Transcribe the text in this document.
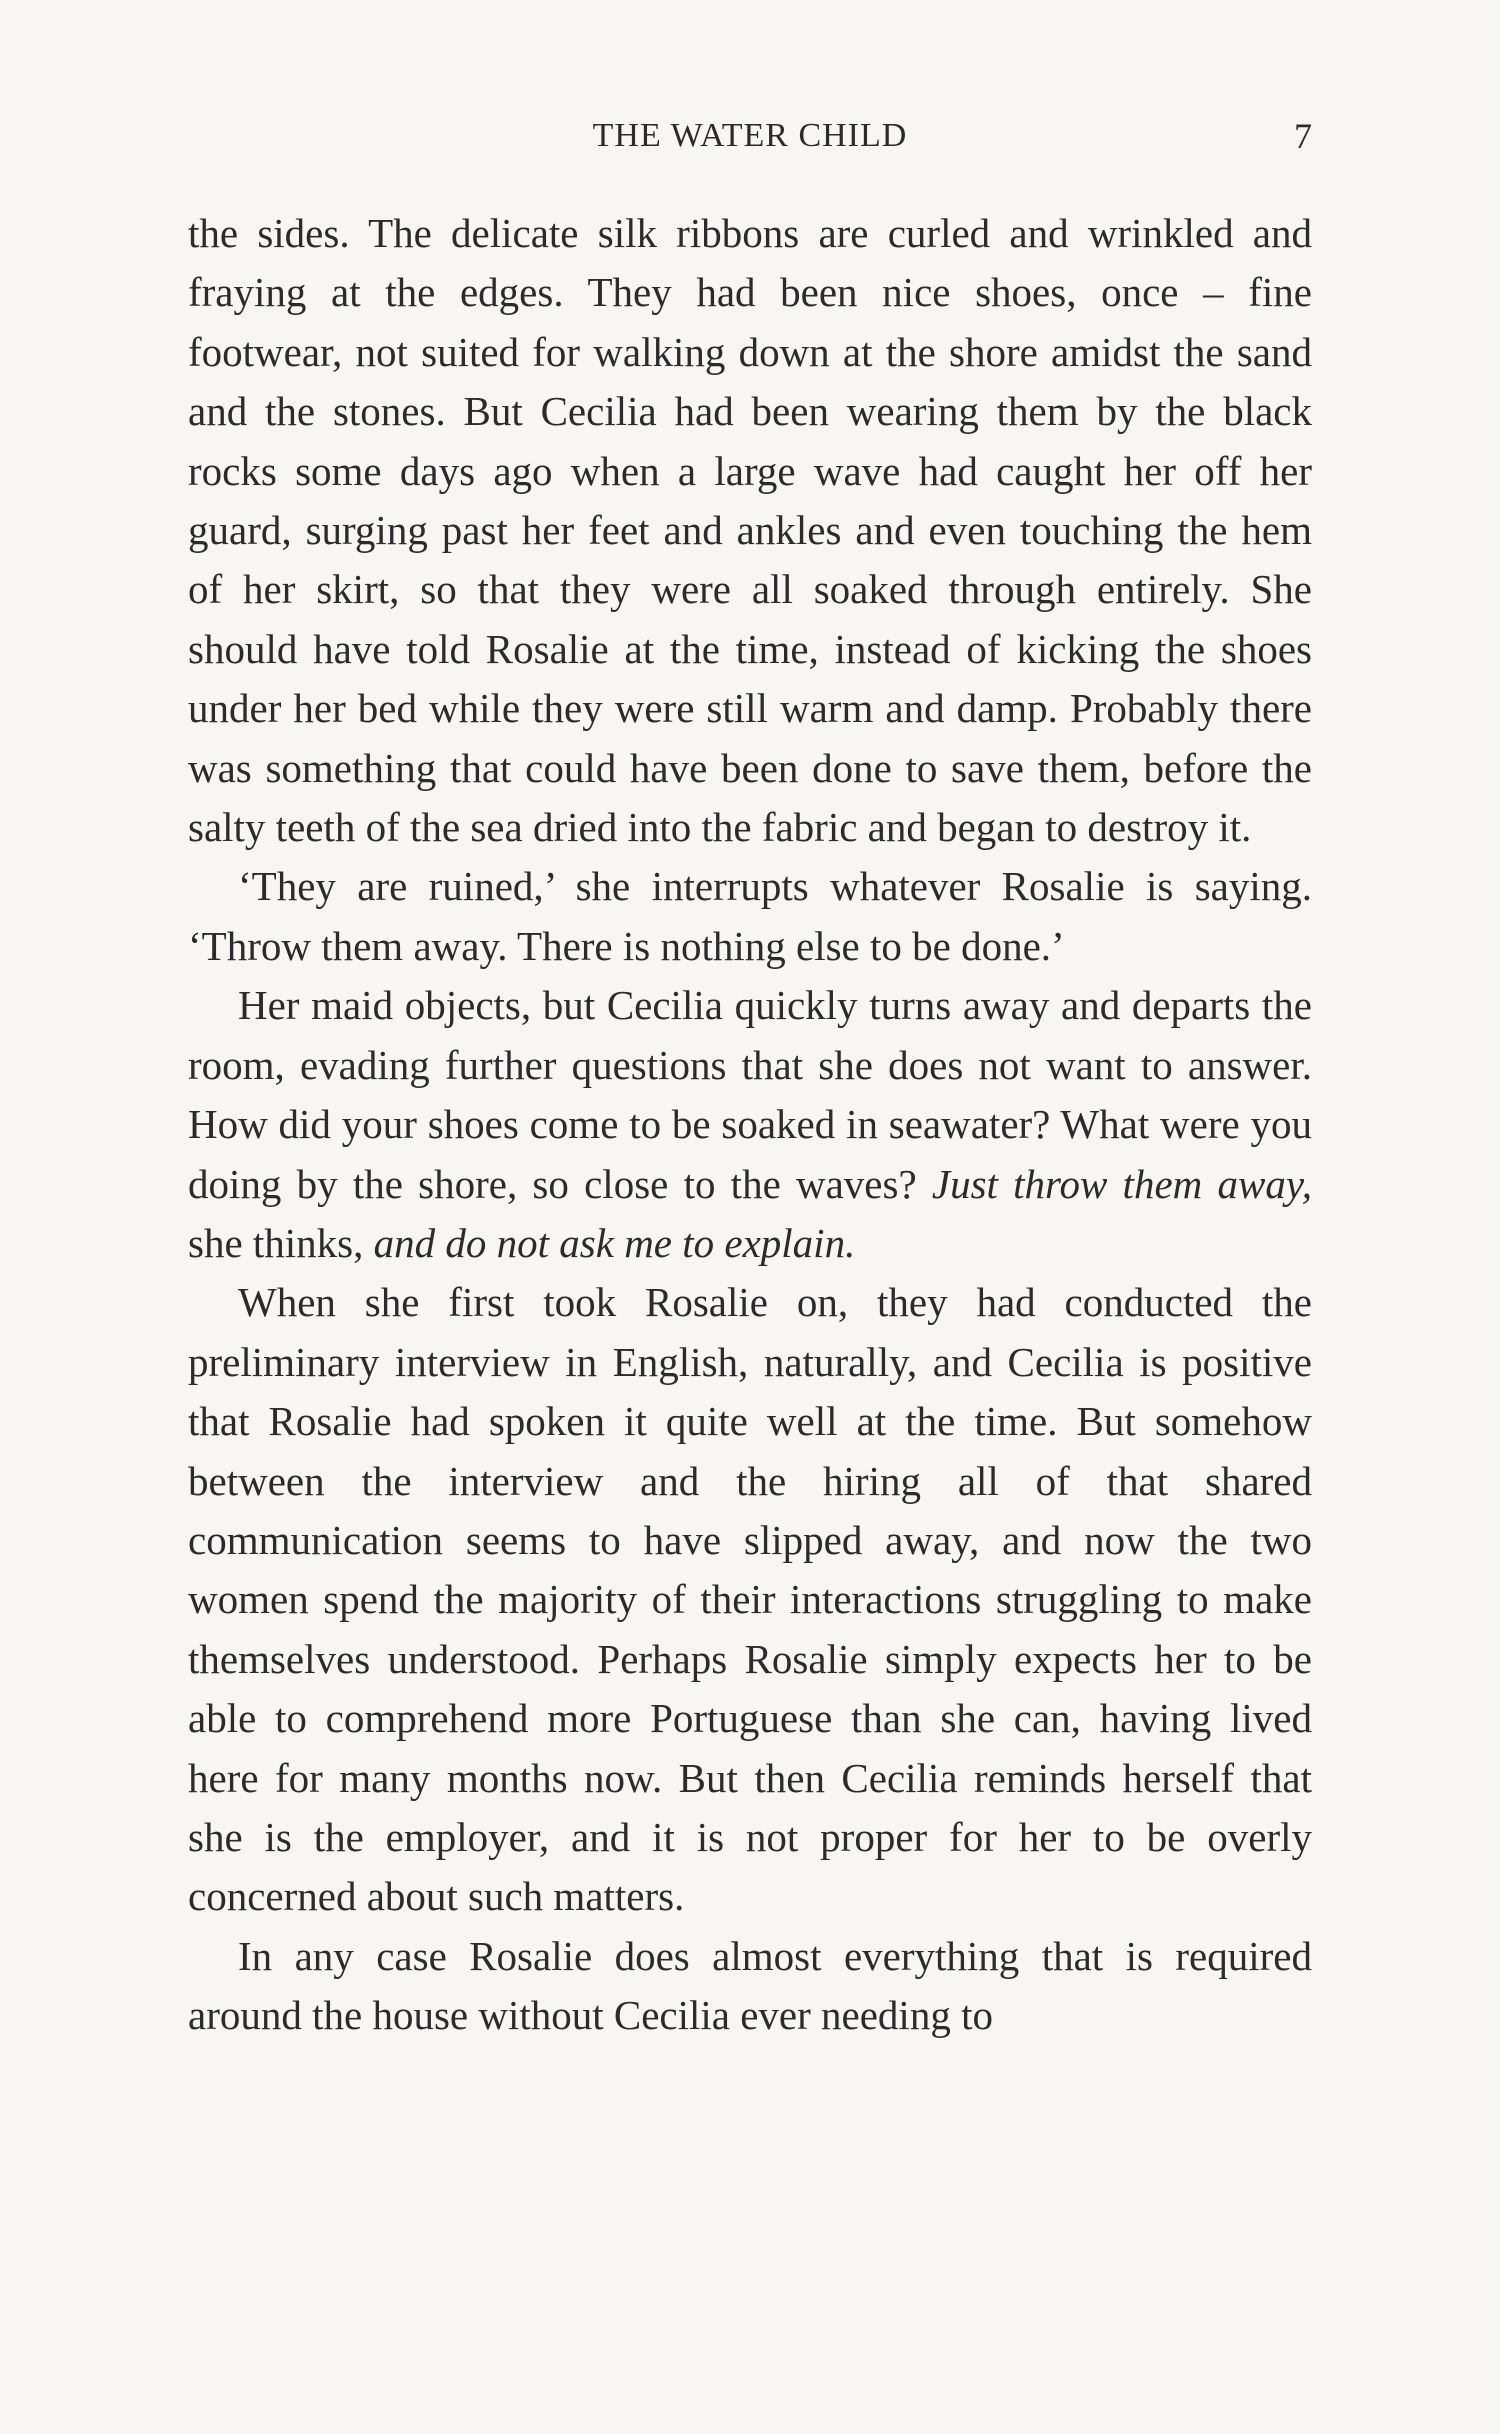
THE WATER CHILD	7

the sides. The delicate silk ribbons are curled and wrinkled and fraying at the edges. They had been nice shoes, once – fine footwear, not suited for walking down at the shore amidst the sand and the stones. But Cecilia had been wearing them by the black rocks some days ago when a large wave had caught her off her guard, surging past her feet and ankles and even touching the hem of her skirt, so that they were all soaked through entirely. She should have told Rosalie at the time, instead of kicking the shoes under her bed while they were still warm and damp. Probably there was something that could have been done to save them, before the salty teeth of the sea dried into the fabric and began to destroy it.

‘They are ruined,’ she interrupts whatever Rosalie is saying. ‘Throw them away. There is nothing else to be done.’

Her maid objects, but Cecilia quickly turns away and departs the room, evading further questions that she does not want to answer. How did your shoes come to be soaked in seawater? What were you doing by the shore, so close to the waves? Just throw them away, she thinks, and do not ask me to explain.

When she first took Rosalie on, they had conducted the preliminary interview in English, naturally, and Cecilia is positive that Rosalie had spoken it quite well at the time. But somehow between the interview and the hiring all of that shared communication seems to have slipped away, and now the two women spend the majority of their interactions struggling to make themselves understood. Perhaps Rosalie simply expects her to be able to comprehend more Portuguese than she can, having lived here for many months now. But then Cecilia reminds herself that she is the employer, and it is not proper for her to be overly concerned about such matters.

In any case Rosalie does almost everything that is required around the house without Cecilia ever needing to
